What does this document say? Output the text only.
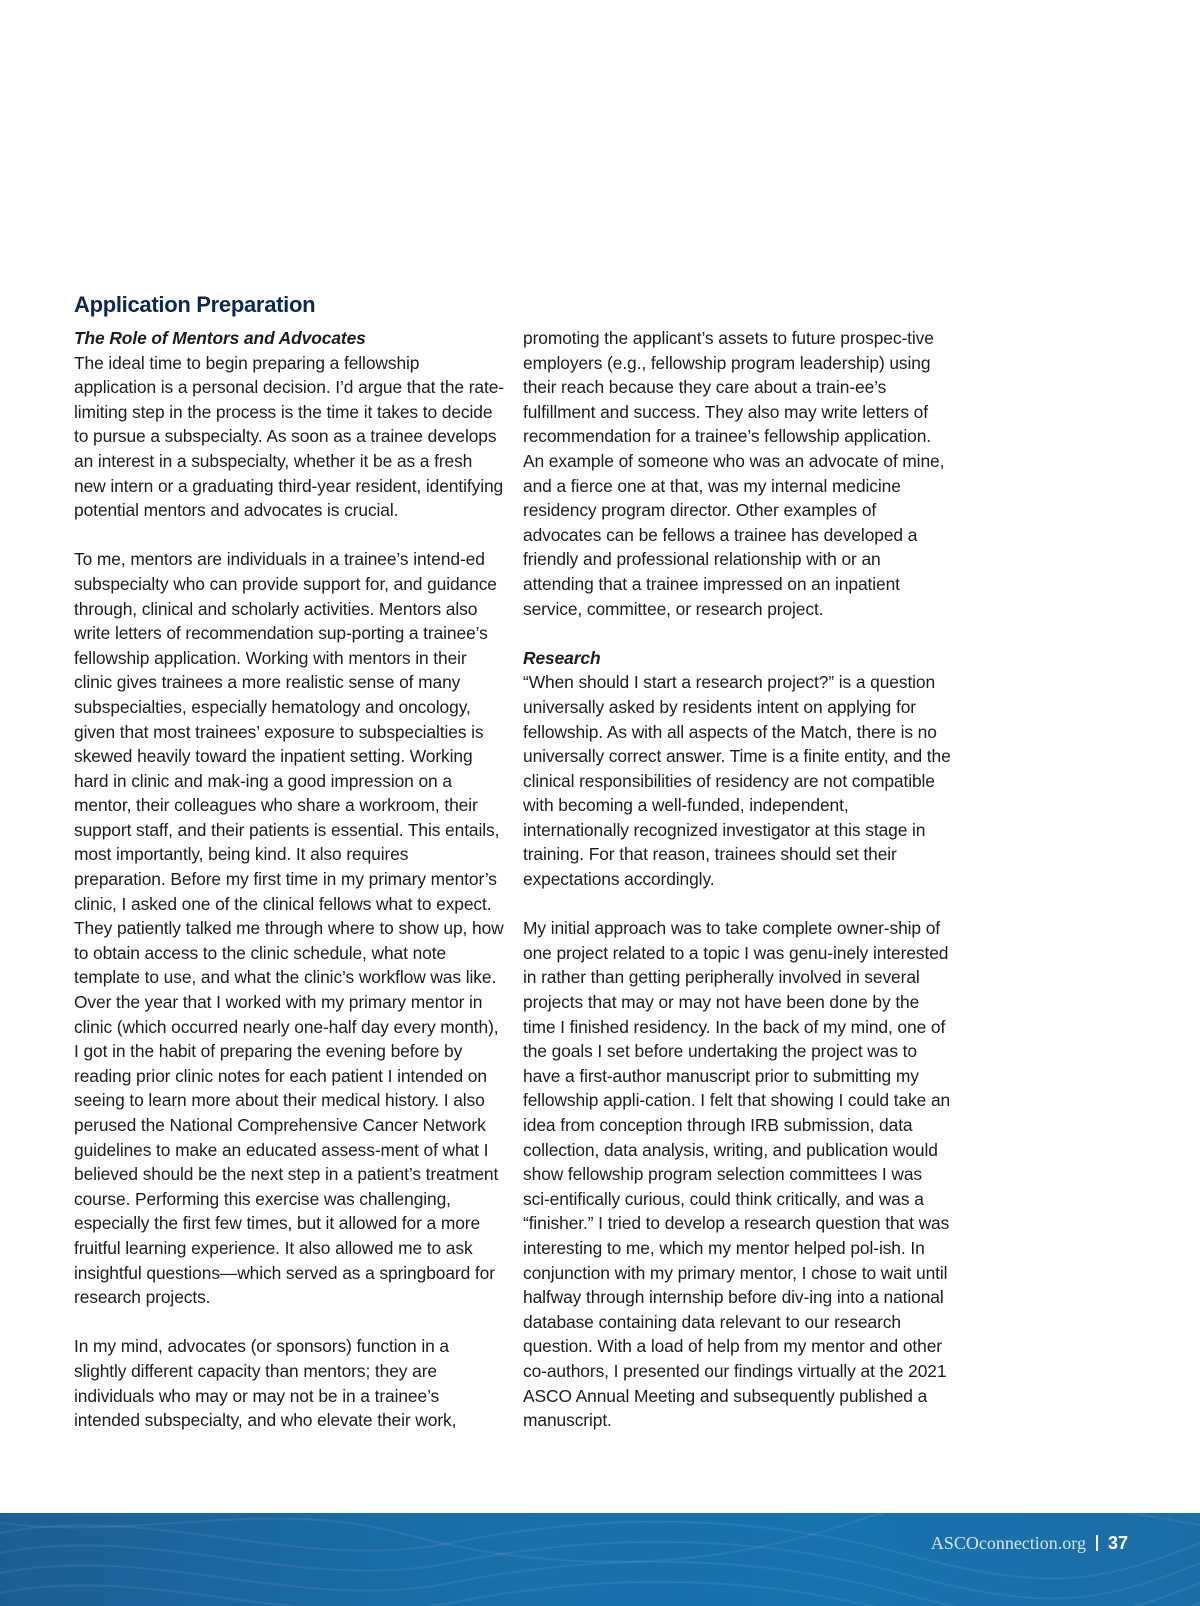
Application Preparation
The Role of Mentors and Advocates

The ideal time to begin preparing a fellowship application is a personal decision. I’d argue that the rate-limiting step in the process is the time it takes to decide to pursue a subspecialty. As soon as a trainee develops an interest in a subspecialty, whether it be as a fresh new intern or a graduating third-year resident, identifying potential mentors and advocates is crucial.

To me, mentors are individuals in a trainee’s intend-ed subspecialty who can provide support for, and guidance through, clinical and scholarly activities. Mentors also write letters of recommendation sup-porting a trainee’s fellowship application. Working with mentors in their clinic gives trainees a more realistic sense of many subspecialties, especially hematology and oncology, given that most trainees’ exposure to subspecialties is skewed heavily toward the inpatient setting. Working hard in clinic and mak-ing a good impression on a mentor, their colleagues who share a workroom, their support staff, and their patients is essential. This entails, most importantly, being kind. It also requires preparation. Before my first time in my primary mentor’s clinic, I asked one of the clinical fellows what to expect. They patiently talked me through where to show up, how to obtain access to the clinic schedule, what note template to use, and what the clinic’s workflow was like. Over the year that I worked with my primary mentor in clinic (which occurred nearly one-half day every month), I got in the habit of preparing the evening before by reading prior clinic notes for each patient I intended on seeing to learn more about their medical history. I also perused the National Comprehensive Cancer Network guidelines to make an educated assess-ment of what I believed should be the next step in a patient’s treatment course. Performing this exercise was challenging, especially the first few times, but it allowed for a more fruitful learning experience. It also allowed me to ask insightful questions—which served as a springboard for research projects.

In my mind, advocates (or sponsors) function in a slightly different capacity than mentors; they are individuals who may or may not be in a trainee’s intended subspecialty, and who elevate their work,

promoting the applicant’s assets to future prospec-tive employers (e.g., fellowship program leadership) using their reach because they care about a train-ee’s fulfillment and success. They also may write letters of recommendation for a trainee’s fellowship application. An example of someone who was an advocate of mine, and a fierce one at that, was my internal medicine residency program director. Other examples of advocates can be fellows a trainee has developed a friendly and professional relationship with or an attending that a trainee impressed on an inpatient service, committee, or research project.

Research

“When should I start a research project?” is a question universally asked by residents intent on applying for fellowship. As with all aspects of the Match, there is no universally correct answer. Time is a finite entity, and the clinical responsibilities of residency are not compatible with becoming a well-funded, independent, internationally recognized investigator at this stage in training. For that reason, trainees should set their expectations accordingly.

My initial approach was to take complete owner-ship of one project related to a topic I was genu-inely interested in rather than getting peripherally involved in several projects that may or may not have been done by the time I finished residency. In the back of my mind, one of the goals I set before undertaking the project was to have a first-author manuscript prior to submitting my fellowship appli-cation. I felt that showing I could take an idea from conception through IRB submission, data collection, data analysis, writing, and publication would show fellowship program selection committees I was sci-entifically curious, could think critically, and was a “finisher.” I tried to develop a research question that was interesting to me, which my mentor helped pol-ish. In conjunction with my primary mentor, I chose to wait until halfway through internship before div-ing into a national database containing data relevant to our research question. With a load of help from my mentor and other co-authors, I presented our findings virtually at the 2021 ASCO Annual Meeting and subsequently published a manuscript.

ASCOconnection.org 37
